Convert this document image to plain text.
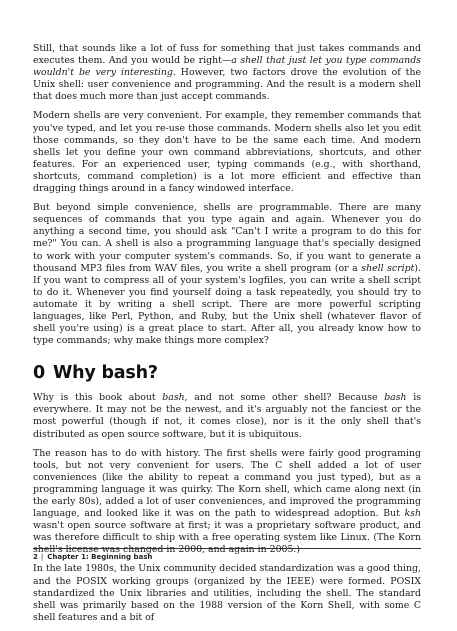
Still, that sounds like a lot of fuss for something that just takes commands and executes them. And you would be right—a shell that just let you type commands wouldn't be very interesting. However, two factors drove the evolution of the Unix shell: user convenience and programming. And the result is a modern shell that does much more than just accept commands.

Modern shells are very convenient. For example, they remember commands that you've typed, and let you re-use those commands. Modern shells also let you edit those commands, so they don't have to be the same each time. And modern shells let you define your own command abbreviations, shortcuts, and other features. For an experienced user, typing commands (e.g., with shorthand, shortcuts, command completion) is a lot more efficient and effective than dragging things around in a fancy windowed interface.

But beyond simple convenience, shells are programmable. There are many sequences of commands that you type again and again. Whenever you do anything a second time, you should ask "Can't I write a program to do this for me?" You can. A shell is also a programming language that's specially designed to work with your computer system's commands. So, if you want to generate a thousand MP3 files from WAV files, you write a shell program (or a shell script). If you want to compress all of your system's logfiles, you can write a shell script to do it. Whenever you find yourself doing a task repeatedly, you should try to automate it by writing a shell script. There are more powerful scripting languages, like Perl, Python, and Ruby, but the Unix shell (whatever flavor of shell you're using) is a great place to start. After all, you already know how to type commands; why make things more complex?

0 Why bash?

Why is this book about bash, and not some other shell? Because bash is everywhere. It may not be the newest, and it's arguably not the fanciest or the most powerful (though if not, it comes close), nor is it the only shell that's distributed as open source software, but it is ubiquitous.

The reason has to do with history. The first shells were fairly good programing tools, but not very convenient for users. The C shell added a lot of user conveniences (like the ability to repeat a command you just typed), but as a programming language it was quirky. The Korn shell, which came along next (in the early 80s), added a lot of user conveniences, and improved the programming language, and looked like it was on the path to widespread adoption. But ksh wasn't open source software at first; it was a proprietary software product, and was therefore difficult to ship with a free operating system like Linux. (The Korn shell's license was changed in 2000, and again in 2005.)

In the late 1980s, the Unix community decided standardization was a good thing, and the POSIX working groups (organized by the IEEE) were formed. POSIX standardized the Unix libraries and utilities, including the shell. The standard shell was primarily based on the 1988 version of the Korn Shell, with some C shell features and a bit of

2 | Chapter 1: Beginning bash
